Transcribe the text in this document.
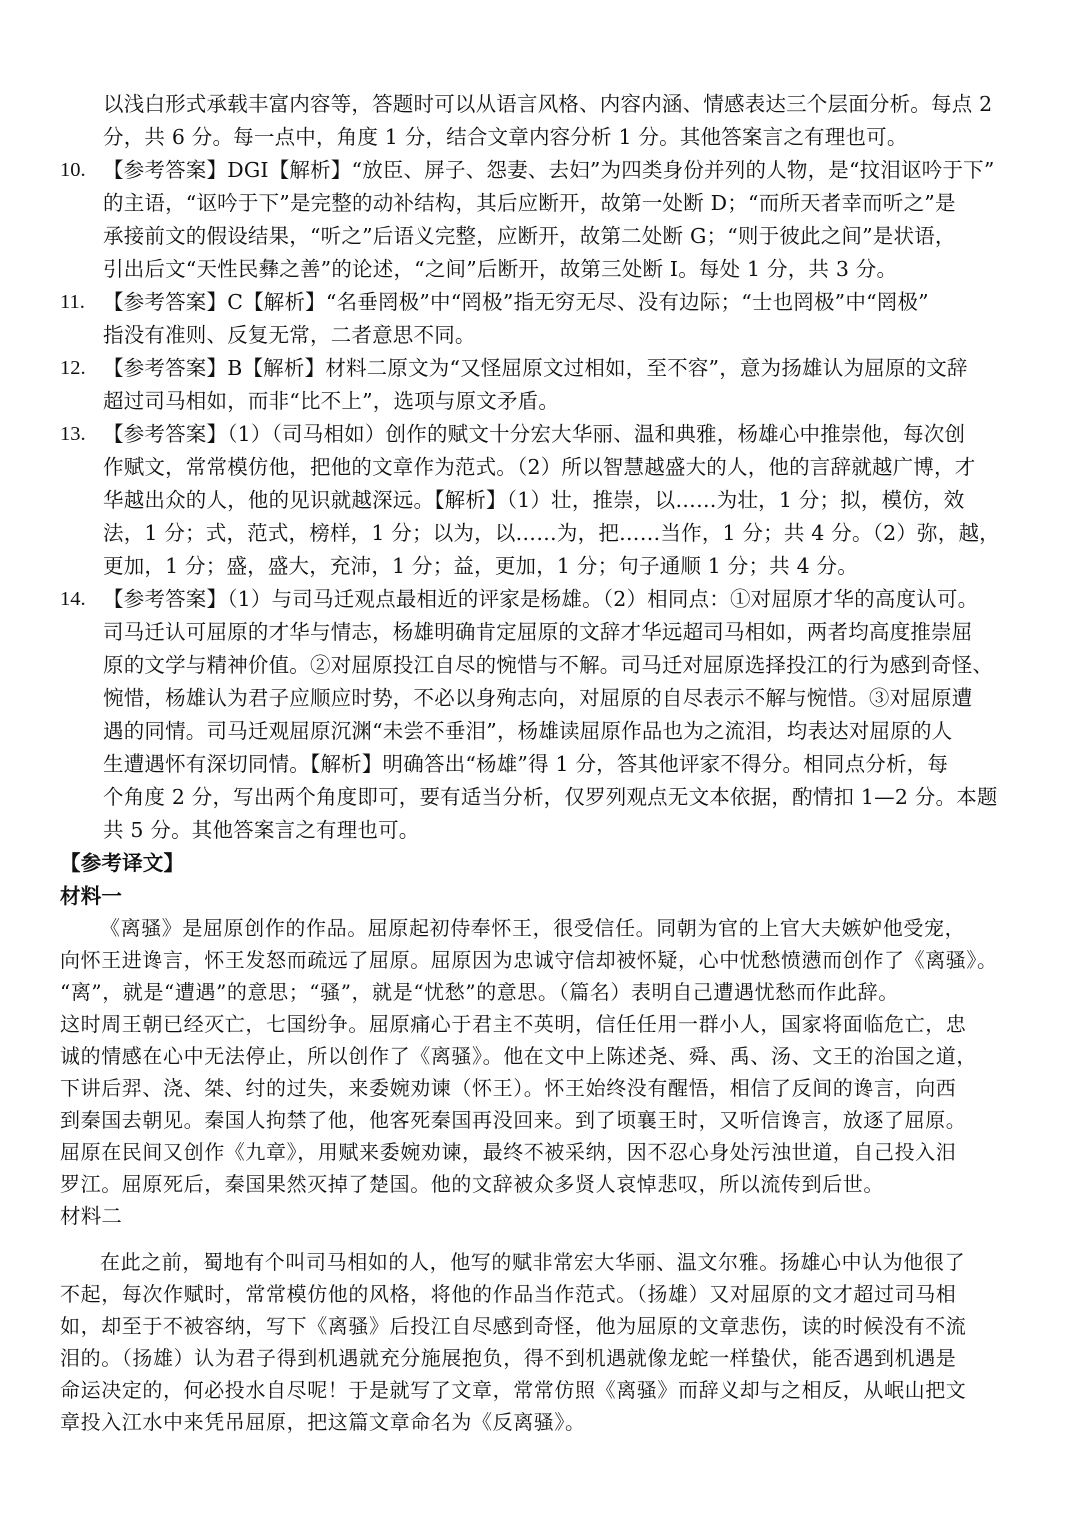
以浅白形式承载丰富内容等，答题时可以从语言风格、内容内涵、情感表达三个层面分析。每点 2
分，共 6 分。每一点中，角度 1 分，结合文章内容分析 1 分。其他答案言之有理也可。
10. 【参考答案】DGI【解析】“放臣、屏子、怨妻、去妇”为四类身份并列的人物，是“抆泪讴吟于下”
的主语，“讴吟于下”是完整的动补结构，其后应断开，故第一处断 D；“而所天者幸而听之”是
承接前文的假设结果，“听之”后语义完整，应断开，故第二处断 G；“则于彼此之间”是状语，
引出后文“天性民彝之善”的论述，“之间”后断开，故第三处断 I。每处 1 分，共 3 分。
11. 【参考答案】C【解析】“名垂罔极”中“罔极”指无穷无尽、没有边际；“士也罔极”中“罔极”
指没有准则、反复无常，二者意思不同。
12. 【参考答案】B【解析】材料二原文为“又怪屈原文过相如，至不容”，意为扬雄认为屈原的文辞
超过司马相如，而非“比不上”，选项与原文矛盾。
13. 【参考答案】（1）（司马相如）创作的赋文十分宏大华丽、温和典雅，杨雄心中推崇他，每次创
作赋文，常常模仿他，把他的文章作为范式。（2）所以智慧越盛大的人，他的言辞就越广博，才
华越出众的人，他的见识就越深远。【解析】（1）壮，推崇，以……为壮，1 分；拟，模仿，效
法，1 分；式，范式，榜样，1 分；以为，以……为，把……当作，1 分；共 4 分。（2）弥，越，
更加，1 分；盛，盛大，充沛，1 分；益，更加，1 分；句子通顺 1 分；共 4 分。
14. 【参考答案】（1）与司马迁观点最相近的评家是杨雄。（2）相同点：①对屈原才华的高度认可。
司马迁认可屈原的才华与情志，杨雄明确肯定屈原的文辞才华远超司马相如，两者均高度推崇屈
原的文学与精神价值。②对屈原投江自尽的惋惜与不解。司马迁对屈原选择投江的行为感到奇怪、
惋惜，杨雄认为君子应顺应时势，不必以身殉志向，对屈原的自尽表示不解与惋惜。③对屈原遭
遇的同情。司马迁观屈原沉渊“未尝不垂泪”，杨雄读屈原作品也为之流泪，均表达对屈原的人
生遭遇怀有深切同情。【解析】明确答出“杨雄”得 1 分，答其他评家不得分。相同点分析，每
个角度 2 分，写出两个角度即可，要有适当分析，仅罗列观点无文本依据，酌情扣 1—2 分。本题
共 5 分。其他答案言之有理也可。
【参考译文】
材料一
《离骚》是屈原创作的作品。屈原起初侍奉怀王，很受信任。同朝为官的上官大夫嫉妒他受宠，
向怀王进谗言，怀王发怒而疏远了屈原。屈原因为忠诚守信却被怀疑，心中忧愁愤懑而创作了《离骚》。
“离”，就是“遭遇”的意思；“骚”，就是“忧愁”的意思。（篇名）表明自己遭遇忧愁而作此辞。
这时周王朝已经灭亡，七国纷争。屈原痛心于君主不英明，信任任用一群小人，国家将面临危亡，忠
诚的情感在心中无法停止，所以创作了《离骚》。他在文中上陈述尧、舜、禹、汤、文王的治国之道，
下讲后羿、浇、桀、纣的过失，来委婉劝谏（怀王）。怀王始终没有醒悟，相信了反间的谗言，向西
到秦国去朝见。秦国人拘禁了他，他客死秦国再没回来。到了顷襄王时，又听信谗言，放逐了屈原。
屈原在民间又创作《九章》，用赋来委婉劝谏，最终不被采纳，因不忍心身处污浊世道，自己投入汨
罗江。屈原死后，秦国果然灭掉了楚国。他的文辞被众多贤人哀悼悲叹，所以流传到后世。
材料二
在此之前，蜀地有个叫司马相如的人，他写的赋非常宏大华丽、温文尔雅。扬雄心中认为他很了
不起，每次作赋时，常常模仿他的风格，将他的作品当作范式。（扬雄）又对屈原的文才超过司马相
如，却至于不被容纳，写下《离骚》后投江自尽感到奇怪，他为屈原的文章悲伤，读的时候没有不流
泪的。（扬雄）认为君子得到机遇就充分施展抱负，得不到机遇就像龙蛇一样蛰伏，能否遇到机遇是
命运决定的，何必投水自尽呢！于是就写了文章，常常仿照《离骚》而辞义却与之相反，从岷山把文
章投入江水中来凭吊屈原，把这篇文章命名为《反离骚》。
